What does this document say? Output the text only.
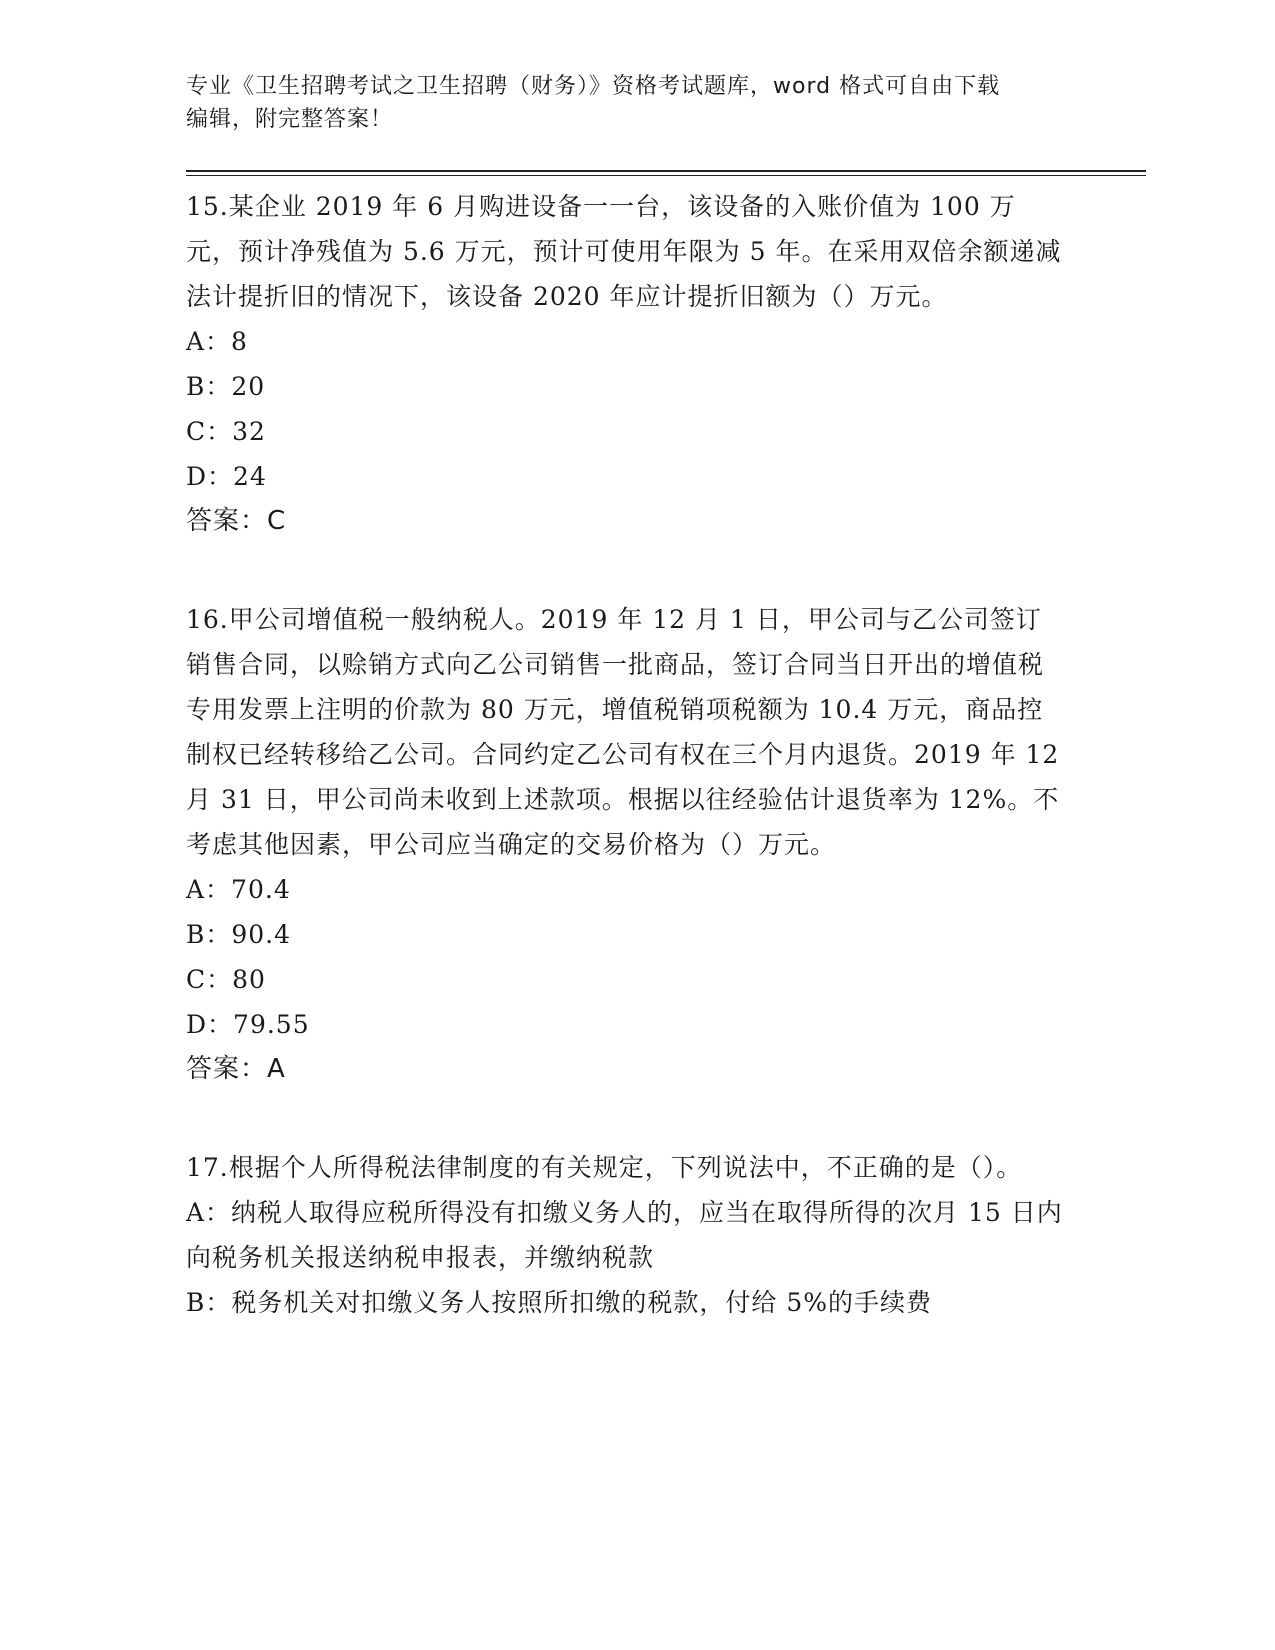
专业《卫生招聘考试之卫生招聘（财务）》资格考试题库，word 格式可自由下载
编辑，附完整答案！
15.某企业 2019 年 6 月购进设备一一台，该设备的入账价值为 100 万元，预计净残值为 5.6 万元，预计可使用年限为 5 年。在采用双倍余额递减法计提折旧的情况下，该设备 2020 年应计提折旧额为（）万元。
A：8
B：20
C：32
D：24
答案：C
16.甲公司增值税一般纳税人。2019 年 12 月 1 日，甲公司与乙公司签订销售合同，以赊销方式向乙公司销售一批商品，签订合同当日开出的增值税专用发票上注明的价款为 80 万元，增值税销项税额为 10.4 万元，商品控制权已经转移给乙公司。合同约定乙公司有权在三个月内退货。2019 年 12 月 31 日，甲公司尚未收到上述款项。根据以往经验估计退货率为 12%。不考虑其他因素，甲公司应当确定的交易价格为（）万元。
A：70.4
B：90.4
C：80
D：79.55
答案：A
17.根据个人所得税法律制度的有关规定，下列说法中，不正确的是（）。
A：纳税人取得应税所得没有扣缴义务人的，应当在取得所得的次月 15 日内向税务机关报送纳税申报表，并缴纳税款
B：税务机关对扣缴义务人按照所扣缴的税款，付给 5%的手续费
